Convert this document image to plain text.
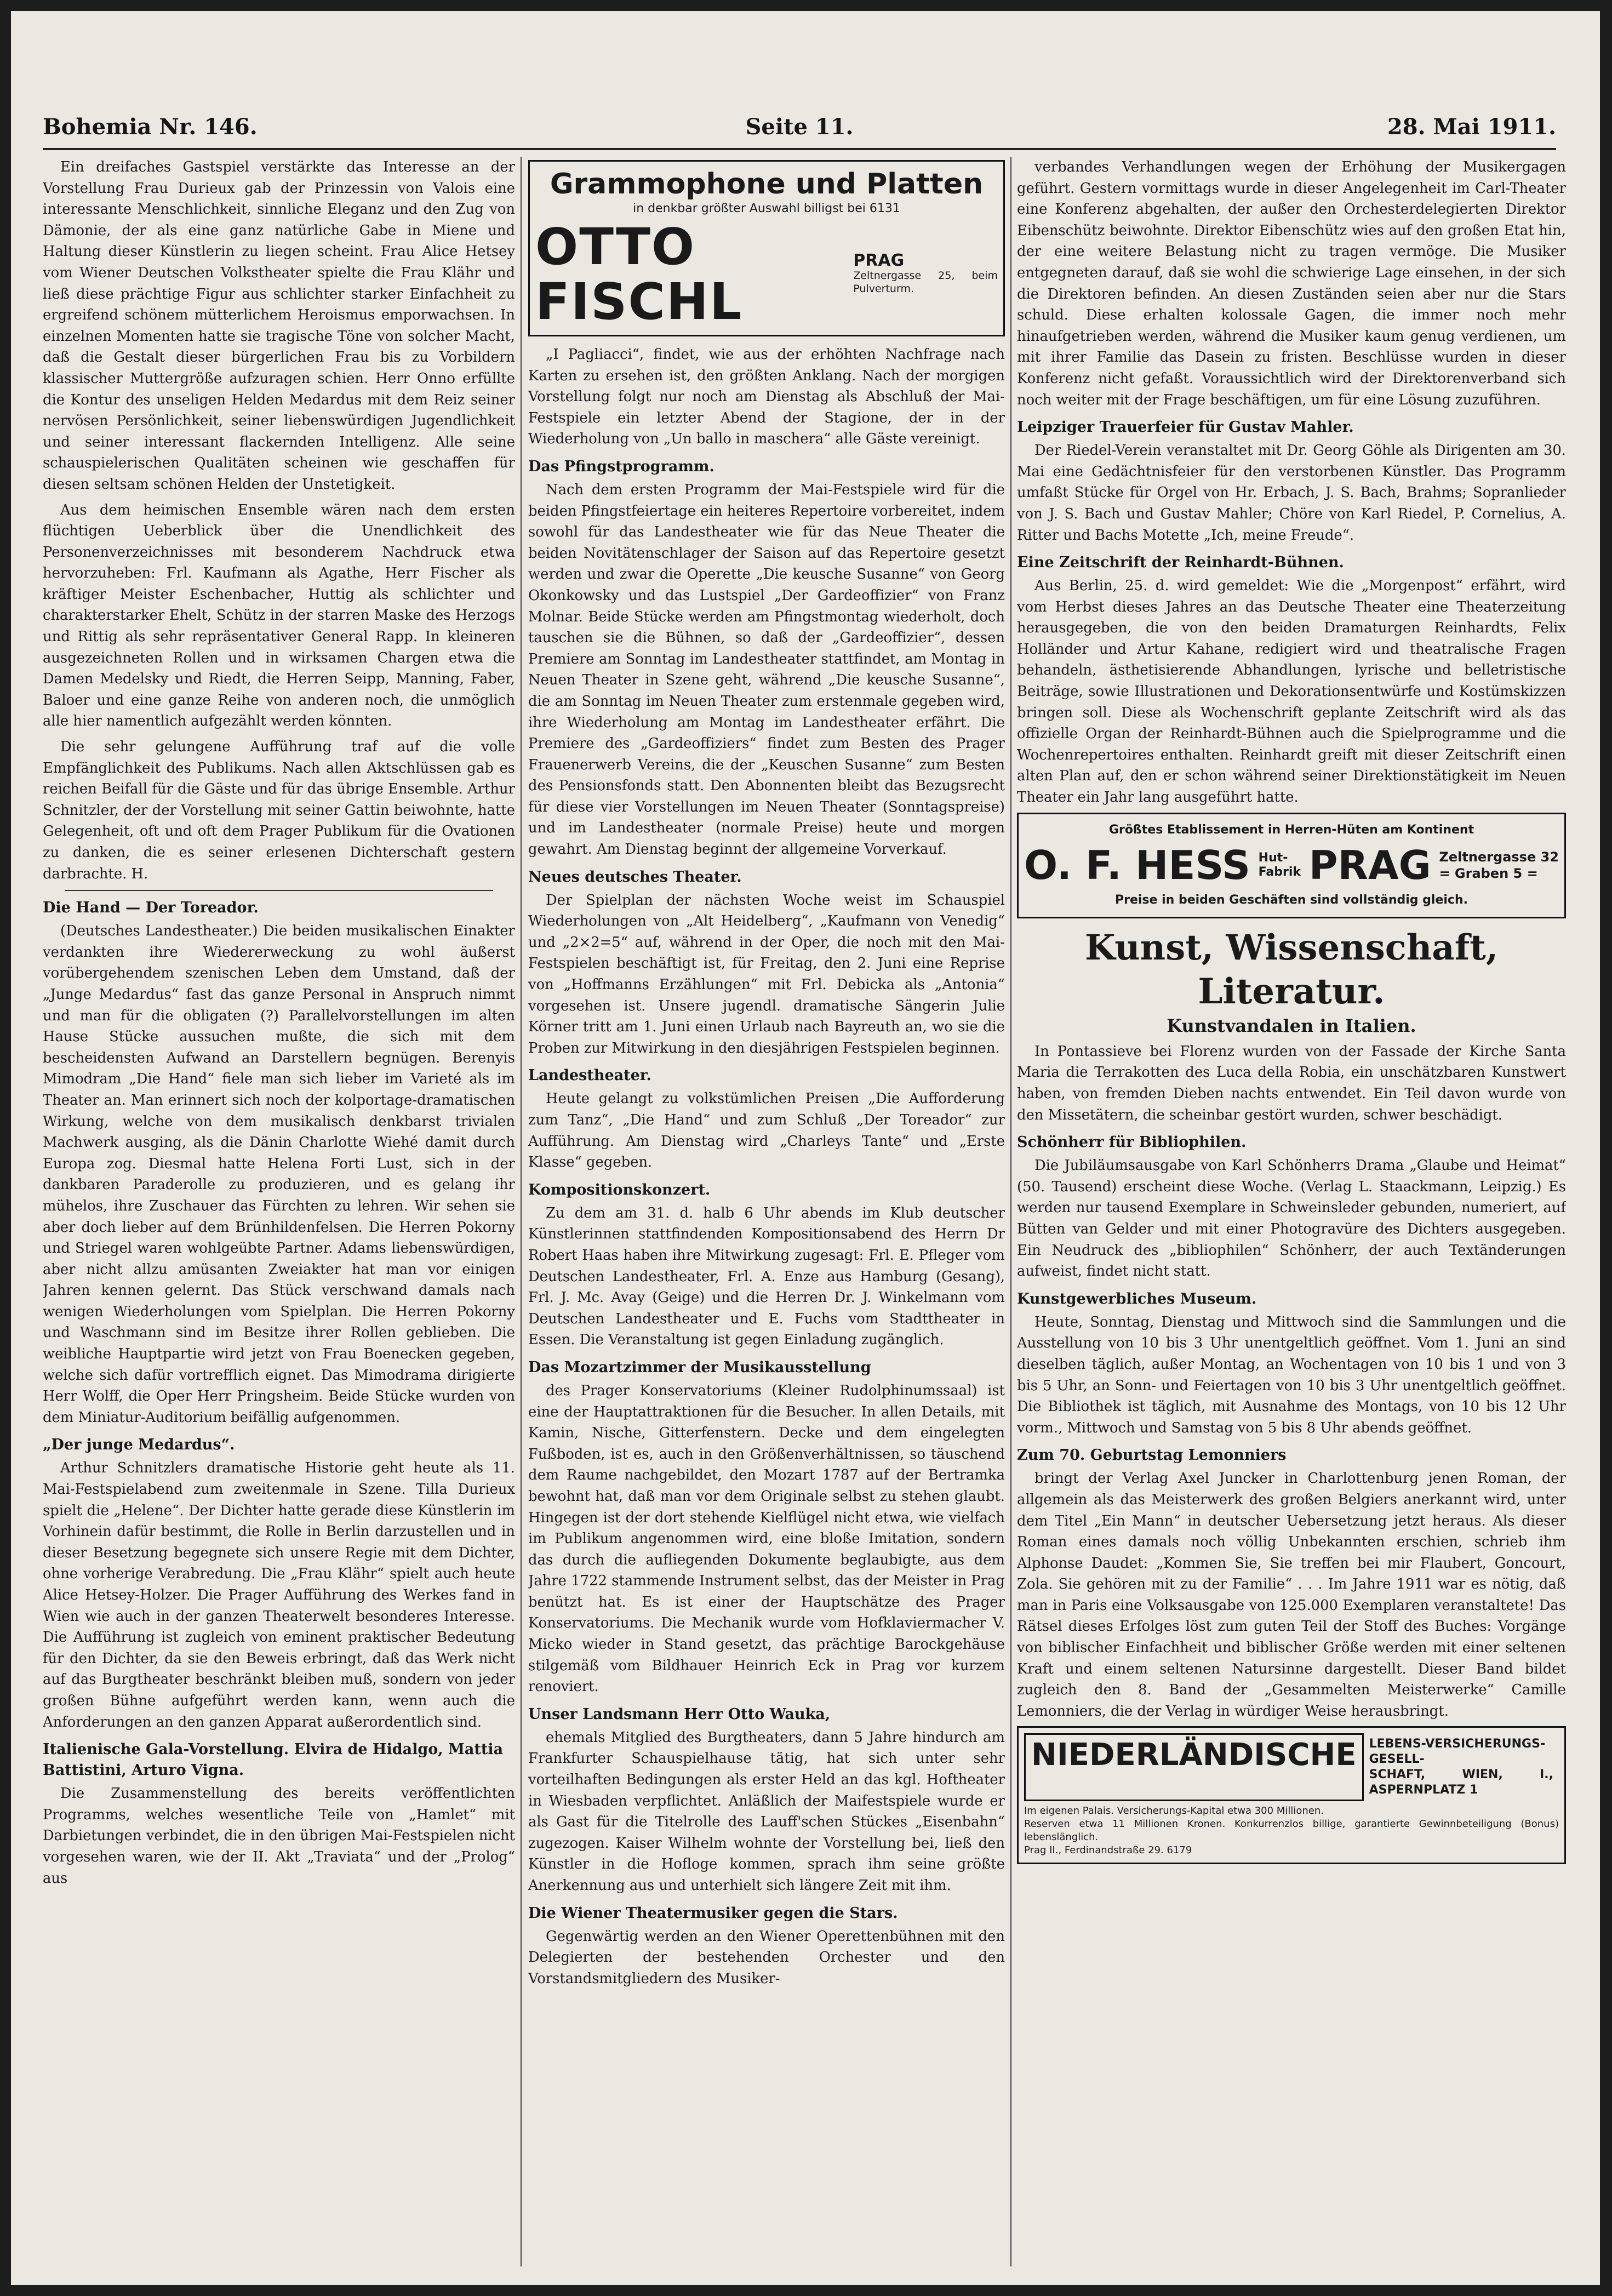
Bohemia Nr. 146.	Seite 11.	28. Mai 1911.

Ein dreifaches Gastspiel verstärkte das Interesse an der Vorstellung Frau Durieux gab der Prinzessin von Valois eine interessante Menschlichkeit, sinnliche Eleganz und den Zug von Dämonie, der als eine ganz natürliche Gabe in Miene und Haltung dieser Künstlerin zu liegen scheint. Frau Alice Hetsey vom Wiener Deutschen Volkstheater spielte die Frau Klähr und ließ diese prächtige Figur aus schlichter starker Einfachheit zu ergreifend schönem mütterlichem Heroismus emporwachsen. In einzelnen Momenten hatte sie tragische Töne von solcher Macht, daß die Gestalt dieser bürgerlichen Frau bis zu Vorbildern klassischer Muttergröße aufzuragen schien. Herr Onno erfüllte die Kontur des unseligen Helden Medardus mit dem Reiz seiner nervösen Persönlichkeit, seiner liebenswürdigen Jugendlichkeit und seiner interessant flackernden Intelligenz. Alle seine schauspielerischen Qualitäten scheinen wie geschaffen für diesen seltsam schönen Helden der Unstetigkeit.

Aus dem heimischen Ensemble wären nach dem ersten flüchtigen Ueberblick über die Unendlichkeit des Personenverzeichnisses mit besonderem Nachdruck etwa hervorzuheben: Frl. Kaufmann als Agathe, Herr Fischer als kräftiger Meister Eschenbacher, Huttig als schlichter und charakterstarker Ehelt, Schütz in der starren Maske des Herzogs und Rittig als sehr repräsentativer General Rapp. In kleineren ausgezeichneten Rollen und in wirksamen Chargen etwa die Damen Medelsky und Riedt, die Herren Seipp, Manning, Faber, Baloer und eine ganze Reihe von anderen noch, die unmöglich alle hier namentlich aufgezählt werden könnten.

Die sehr gelungene Aufführung traf auf die volle Empfänglichkeit des Publikums. Nach allen Aktschlüssen gab es reichen Beifall für die Gäste und für das übrige Ensemble. Arthur Schnitzler, der der Vorstellung mit seiner Gattin beiwohnte, hatte Gelegenheit, oft und oft dem Prager Publikum für die Ovationen zu danken, die es seiner erlesenen Dichterschaft gestern darbrachte. H.

Die Hand — Der Toreador.

(Deutsches Landestheater.) Die beiden musikalischen Einakter verdankten ihre Wiedererweckung zu wohl äußerst vorübergehendem szenischen Leben dem Umstand, daß der „Junge Medardus“ fast das ganze Personal in Anspruch nimmt und man für die obligaten (?) Parallelvorstellungen im alten Hause Stücke aussuchen mußte, die sich mit dem bescheidensten Aufwand an Darstellern begnügen. Berenyis Mimodram „Die Hand“ fiele man sich lieber im Varieté als im Theater an. Man erinnert sich noch der kolportage-dramatischen Wirkung, welche von dem musikalisch denkbarst trivialen Machwerk ausging, als die Dänin Charlotte Wiehé damit durch Europa zog. Diesmal hatte Helena Forti Lust, sich in der dankbaren Paraderolle zu produzieren, und es gelang ihr mühelos, ihre Zuschauer das Fürchten zu lehren. Wir sehen sie aber doch lieber auf dem Brünhildenfelsen. Die Herren Pokorny und Striegel waren wohlgeübte Partner. Adams liebenswürdigen, aber nicht allzu amüsanten Zweiakter hat man vor einigen Jahren kennen gelernt. Das Stück verschwand damals nach wenigen Wiederholungen vom Spielplan. Die Herren Pokorny und Waschmann sind im Besitze ihrer Rollen geblieben. Die weibliche Hauptpartie wird jetzt von Frau Boenecken gegeben, welche sich dafür vortrefflich eignet. Das Mimodrama dirigierte Herr Wolff, die Oper Herr Pringsheim. Beide Stücke wurden von dem Miniatur-Auditorium beifällig aufgenommen.

„Der junge Medardus“.

Arthur Schnitzlers dramatische Historie geht heute als 11. Mai-Festspielabend zum zweitenmale in Szene. Tilla Durieux spielt die „Helene“. Der Dichter hatte gerade diese Künstlerin im Vorhinein dafür bestimmt, die Rolle in Berlin darzustellen und in dieser Besetzung begegnete sich unsere Regie mit dem Dichter, ohne vorherige Verabredung. Die „Frau Klähr“ spielt auch heute Alice Hetsey-Holzer. Die Prager Aufführung des Werkes fand in Wien wie auch in der ganzen Theaterwelt besonderes Interesse. Die Aufführung ist zugleich von eminent praktischer Bedeutung für den Dichter, da sie den Beweis erbringt, daß das Werk nicht auf das Burgtheater beschränkt bleiben muß, sondern von jeder großen Bühne aufgeführt werden kann, wenn auch die Anforderungen an den ganzen Apparat außerordentlich sind.

Italienische Gala-Vorstellung. Elvira de Hidalgo, Mattia Battistini, Arturo Vigna.

Die Zusammenstellung des bereits veröffentlichten Programms, welches wesentliche Teile von „Hamlet“ mit Darbietungen verbindet, die in den übrigen Mai-Festspielen nicht vorgesehen waren, wie der II. Akt „Traviata“ und der „Prolog“ aus

Grammophone und Platten
in denkbar größter Auswahl billigst bei 6131
OTTO FISCHL
PRAG
Zeltnergasse 25, beim Pulverturm.

„I Pagliacci“, findet, wie aus der erhöhten Nachfrage nach Karten zu ersehen ist, den größten Anklang. Nach der morgigen Vorstellung folgt nur noch am Dienstag als Abschluß der Mai-Festspiele ein letzter Abend der Stagione, der in der Wiederholung von „Un ballo in maschera“ alle Gäste vereinigt.

Das Pfingstprogramm.

Nach dem ersten Programm der Mai-Festspiele wird für die beiden Pfingstfeiertage ein heiteres Repertoire vorbereitet, indem sowohl für das Landestheater wie für das Neue Theater die beiden Novitätenschlager der Saison auf das Repertoire gesetzt werden und zwar die Operette „Die keusche Susanne“ von Georg Okonkowsky und das Lustspiel „Der Gardeoffizier“ von Franz Molnar. Beide Stücke werden am Pfingstmontag wiederholt, doch tauschen sie die Bühnen, so daß der „Gardeoffizier“, dessen Premiere am Sonntag im Landestheater stattfindet, am Montag in Neuen Theater in Szene geht, während „Die keusche Susanne“, die am Sonntag im Neuen Theater zum erstenmale gegeben wird, ihre Wiederholung am Montag im Landestheater erfährt. Die Premiere des „Gardeoffiziers“ findet zum Besten des Prager Frauenerwerb Vereins, die der „Keuschen Susanne“ zum Besten des Pensionsfonds statt. Den Abonnenten bleibt das Bezugsrecht für diese vier Vorstellungen im Neuen Theater (Sonntagspreise) und im Landestheater (normale Preise) heute und morgen gewahrt. Am Dienstag beginnt der allgemeine Vorverkauf.

Neues deutsches Theater.

Der Spielplan der nächsten Woche weist im Schauspiel Wiederholungen von „Alt Heidelberg“, „Kaufmann von Venedig“ und „2×2=5“ auf, während in der Oper, die noch mit den Mai-Festspielen beschäftigt ist, für Freitag, den 2. Juni eine Reprise von „Hoffmanns Erzählungen“ mit Frl. Debicka als „Antonia“ vorgesehen ist. Unsere jugendl. dramatische Sängerin Julie Körner tritt am 1. Juni einen Urlaub nach Bayreuth an, wo sie die Proben zur Mitwirkung in den diesjährigen Festspielen beginnen.

Landestheater.

Heute gelangt zu volkstümlichen Preisen „Die Aufforderung zum Tanz“, „Die Hand“ und zum Schluß „Der Toreador“ zur Aufführung. Am Dienstag wird „Charleys Tante“ und „Erste Klasse“ gegeben.

Kompositionskonzert.

Zu dem am 31. d. halb 6 Uhr abends im Klub deutscher Künstlerinnen stattfindenden Kompositionsabend des Herrn Dr Robert Haas haben ihre Mitwirkung zugesagt: Frl. E. Pfleger vom Deutschen Landestheater, Frl. A. Enze aus Hamburg (Gesang), Frl. J. Mc. Avay (Geige) und die Herren Dr. J. Winkelmann vom Deutschen Landestheater und E. Fuchs vom Stadttheater in Essen. Die Veranstaltung ist gegen Einladung zugänglich.

Das Mozartzimmer der Musikausstellung

des Prager Konservatoriums (Kleiner Rudolphinumssaal) ist eine der Hauptattraktionen für die Besucher. In allen Details, mit Kamin, Nische, Gitterfenstern. Decke und dem eingelegten Fußboden, ist es, auch in den Größenverhältnissen, so täuschend dem Raume nachgebildet, den Mozart 1787 auf der Bertramka bewohnt hat, daß man vor dem Originale selbst zu stehen glaubt. Hingegen ist der dort stehende Kielflügel nicht etwa, wie vielfach im Publikum angenommen wird, eine bloße Imitation, sondern das durch die aufliegenden Dokumente beglaubigte, aus dem Jahre 1722 stammende Instrument selbst, das der Meister in Prag benützt hat. Es ist einer der Hauptschätze des Prager Konservatoriums. Die Mechanik wurde vom Hofklaviermacher V. Micko wieder in Stand gesetzt, das prächtige Barockgehäuse stilgemäß vom Bildhauer Heinrich Eck in Prag vor kurzem renoviert.

Unser Landsmann Herr Otto Wauka,

ehemals Mitglied des Burgtheaters, dann 5 Jahre hindurch am Frankfurter Schauspielhause tätig, hat sich unter sehr vorteilhaften Bedingungen als erster Held an das kgl. Hoftheater in Wiesbaden verpflichtet. Anläßlich der Maifestspiele wurde er als Gast für die Titelrolle des Lauff'schen Stückes „Eisenbahn“ zugezogen. Kaiser Wilhelm wohnte der Vorstellung bei, ließ den Künstler in die Hofloge kommen, sprach ihm seine größte Anerkennung aus und unterhielt sich längere Zeit mit ihm.

Die Wiener Theatermusiker gegen die Stars.

Gegenwärtig werden an den Wiener Operettenbühnen mit den Delegierten der bestehenden Orchester und den Vorstandsmitgliedern des Musiker-

verbandes Verhandlungen wegen der Erhöhung der Musikergagen geführt. Gestern vormittags wurde in dieser Angelegenheit im Carl-Theater eine Konferenz abgehalten, der außer den Orchesterdelegierten Direktor Eibenschütz beiwohnte. Direktor Eibenschütz wies auf den großen Etat hin, der eine weitere Belastung nicht zu tragen vermöge. Die Musiker entgegneten darauf, daß sie wohl die schwierige Lage einsehen, in der sich die Direktoren befinden. An diesen Zuständen seien aber nur die Stars schuld. Diese erhalten kolossale Gagen, die immer noch mehr hinaufgetrieben werden, während die Musiker kaum genug verdienen, um mit ihrer Familie das Dasein zu fristen. Beschlüsse wurden in dieser Konferenz nicht gefaßt. Voraussichtlich wird der Direktorenverband sich noch weiter mit der Frage beschäftigen, um für eine Lösung zuzuführen.

Leipziger Trauerfeier für Gustav Mahler.

Der Riedel-Verein veranstaltet mit Dr. Georg Göhle als Dirigenten am 30. Mai eine Gedächtnisfeier für den verstorbenen Künstler. Das Programm umfaßt Stücke für Orgel von Hr. Erbach, J. S. Bach, Brahms; Sopranlieder von J. S. Bach und Gustav Mahler; Chöre von Karl Riedel, P. Cornelius, A. Ritter und Bachs Motette „Ich, meine Freude“.

Eine Zeitschrift der Reinhardt-Bühnen.

Aus Berlin, 25. d. wird gemeldet: Wie die „Morgenpost“ erfährt, wird vom Herbst dieses Jahres an das Deutsche Theater eine Theaterzeitung herausgegeben, die von den beiden Dramaturgen Reinhardts, Felix Holländer und Artur Kahane, redigiert wird und theatralische Fragen behandeln, ästhetisierende Abhandlungen, lyrische und belletristische Beiträge, sowie Illustrationen und Dekorationsentwürfe und Kostümskizzen bringen soll. Diese als Wochenschrift geplante Zeitschrift wird als das offizielle Organ der Reinhardt-Bühnen auch die Spielprogramme und die Wochenrepertoires enthalten. Reinhardt greift mit dieser Zeitschrift einen alten Plan auf, den er schon während seiner Direktionstätigkeit im Neuen Theater ein Jahr lang ausgeführt hatte.

Größtes Etablissement in Herren-Hüten am Kontinent
O. F. HESS Hut-
Fabrik PRAG Zeltnergasse 32
= Graben 5 =
Preise in beiden Geschäften sind vollständig gleich.
Kunst, Wissenschaft, Literatur.
Kunstvandalen in Italien.

In Pontassieve bei Florenz wurden von der Fassade der Kirche Santa Maria die Terrakotten des Luca della Robia, ein unschätzbaren Kunstwert haben, von fremden Dieben nachts entwendet. Ein Teil davon wurde von den Missetätern, die scheinbar gestört wurden, schwer beschädigt.

Schönherr für Bibliophilen.

Die Jubiläumsausgabe von Karl Schönherrs Drama „Glaube und Heimat“ (50. Tausend) erscheint diese Woche. (Verlag L. Staackmann, Leipzig.) Es werden nur tausend Exemplare in Schweinsleder gebunden, numeriert, auf Bütten van Gelder und mit einer Photogravüre des Dichters ausgegeben. Ein Neudruck des „bibliophilen“ Schönherr, der auch Textänderungen aufweist, findet nicht statt.

Kunstgewerbliches Museum.

Heute, Sonntag, Dienstag und Mittwoch sind die Sammlungen und die Ausstellung von 10 bis 3 Uhr unentgeltlich geöffnet. Vom 1. Juni an sind dieselben täglich, außer Montag, an Wochentagen von 10 bis 1 und von 3 bis 5 Uhr, an Sonn- und Feiertagen von 10 bis 3 Uhr unentgeltlich geöffnet. Die Bibliothek ist täglich, mit Ausnahme des Montags, von 10 bis 12 Uhr vorm., Mittwoch und Samstag von 5 bis 8 Uhr abends geöffnet.

Zum 70. Geburtstag Lemonniers

bringt der Verlag Axel Juncker in Charlottenburg jenen Roman, der allgemein als das Meisterwerk des großen Belgiers anerkannt wird, unter dem Titel „Ein Mann“ in deutscher Uebersetzung jetzt heraus. Als dieser Roman eines damals noch völlig Unbekannten erschien, schrieb ihm Alphonse Daudet: „Kommen Sie, Sie treffen bei mir Flaubert, Goncourt, Zola. Sie gehören mit zu der Familie“ . . . Im Jahre 1911 war es nötig, daß man in Paris eine Volksausgabe von 125.000 Exemplaren veranstaltete! Das Rätsel dieses Erfolges löst zum guten Teil der Stoff des Buches: Vorgänge von biblischer Einfachheit und biblischer Größe werden mit einer seltenen Kraft und einem seltenen Natursinne dargestellt. Dieser Band bildet zugleich den 8. Band der „Gesammelten Meisterwerke“ Camille Lemonniers, die der Verlag in würdiger Weise herausbringt.

NIEDERLÄNDISCHE	LEBENS-VERSICHERUNGS-GESELL-
SCHAFT, WIEN, I., ASPERNPLATZ 1
Im eigenen Palais. Versicherungs-Kapital etwa 300 Millionen.
Reserven etwa 11 Millionen Kronen. Konkurrenzlos billige, garantierte Gewinnbeteiligung (Bonus) lebenslänglich.
Prag II., Ferdinandstraße 29. 6179
